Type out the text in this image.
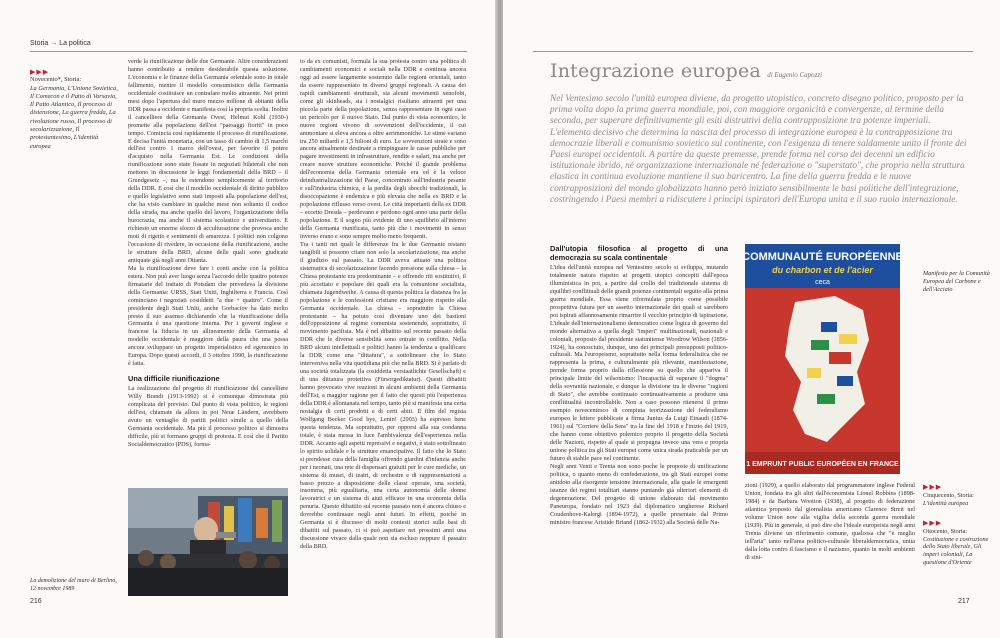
Storia → La politica
▶▶▶
Novecento*, Storia:
La Germania, L'Unione Sovietica, Il Comecon e il Patto di Varsavia, Il Patto Atlantico, Il processo di distensione, La guerra fredda, La rivoluzione russa, Il processo di secolarizzazione, Il protestantesimo, L'identità europea

verde la riunificazione delle due Germanie. Altre considerazioni hanno contribuito a rendere desiderabile questa soluzione. L'economia e le finanze della Germania orientale sono in totale fallimento, mentre il modello consumistico della Germania occidentale costituisce un contrafare molto attraente. Nei primi mesi dopo l'apertura del muro mezzo milione di abitanti della DDR passa a occidente e manifesta così la propria scelta. Inoltre il cancelliere della Germania Ovest, Helmut Kohl (1930-) promette alla popolazione dell'est "paesaggi fioriti" in poco tempo. Comincia così rapidamente il processo di riunificazione. E decisa l'unità monetaria, con un tasso di cambio di 1,5 marchi dell'est contro 1 marco dell'ovest, per favorire il potere d'acquisto nella Germania Est. Le condizioni della riunificazione sono state fissate in negoziati bilaterali che non mettono in discussione le leggi fondamentali della BRD – il Grundgesetz –, ma le estendono semplicemente al territorio della DDR. E così che il modello occidentale di diritto pubblico e quello legislativo sono stati imposti alla popolazione dell'est, che ha visto cambiare in qualche mese non soltanto il codice della strada, ma anche quello del lavoro, l'organizzazione della burocrazia, ma anche il sistema scolastico e universitario. E richiesto un enorme sforzo di acculturazione che provoca anche moti di rigetto e sentimenti di amarezza. I politici non colgono l'occasione di rivedere, in occasione della riunificazione, anche le strutture della BRD, alcune delle quali sono giudicate antiquate già negli anni Ottanta.

Ma la riunificazione deve fare i conti anche con la politica estera. Non può aver luogo senza l'accordo delle quattro potenze firmatarie del trattato di Potsdam che prevedeva la divisione della Germania: URSS, Stati Uniti, Inghilterra e Francia. Così cominciano i negoziati cosiddetti "a due + quattro". Come il presidente degli Stati Uniti, anche Gorbaciov ha dato molto presto il suo assenso dichiarando che la riunificazione della Germania è una questione interna. Per i governi inglese e francese la fiducia in un allineamento della Germania al modello occidentale è maggiore della paura che una possa ancora sviluppare un progetto imperialistico ed egemonico in Europa. Dopo questi accordi, il 3 ottobre 1990, la riunificazione è fatta.

Una difficile riunificazione

La realizzazione del progetto di riunificazione del cancelliere Willy Brandt (1913-1992) si è comunque dimostrata più complicata del previsto. Dal punto di vista politico, le regioni dell'est, chiamate da allora in poi Neue Ländern, avrebbero avuto un ventaglio di partiti politici simile a quello della Germania occidentale. Ma più il processo politico si dimostra difficile, più si formano gruppi di protesta. E così che il Partito Socialdemocratico (PDS), forma-

to da ex comunisti, formula la sua protesta contro una politica di cambiamenti economici e sociali nella DDR e continua ancora oggi ad essere largamente sostenuto dalle regioni orientali, tanto da essere rappresentato in diversi gruppi regionali. A causa dei rapidi cambiamenti strutturali, sia alcuni movimenti xenofobi, come gli skinheads, sia i nostalgici risultano attraenti per una piccola parte della popolazione, senza rappresentare in ogni caso un pericolo per il nuovo Stato. Dal punto di vista economico, le nuove regioni vivono di sovvenzioni dell'occidente, il cui ammontare si eleva ancora a oltre aerimmoniche. Le stime variano tra 250 miliardi e 1,5 bilioni di euro. Le sovvenzioni strate e sono ancora attualmente destinate a rimpinguare le casse pubbliche per pagare investimenti in infrastrutture, rendite e salari, ma anche per creare nuove strutture economiche. Poiché il grande problema dell'economia della Germania orientale era ed è la veloce deindustrializzazione del Paese, concentrato sull'industria pesante e sull'industria chimica, e la perdita degli sbocchi tradizionali, la disoccupazione è endemica e più elevata che nella ex BRD e la popolazione riflusso verso ovest. Le città importanti della ex DDR – eccetto Dresda – perdevano e perdono ogni anno una parte della popolazione. E il sogno più evidente di uno squilibrio all'interno della Germania riunificata, tanto più che i movimenti in senso inverso erano e sono sempre molto meno frequenti.

Tra i tanti nei quali le differenze fra le due Germanie restano tangibili si possono citare non solo la secolarizzazione, ma anche il giudizio sul passato. La DDR aveva attuato una politica sistematica di secolarizzazione facendo pressione sulla chiesa – la Chiesa protestante era predominante – e offrendo riti sostitutivi, il più accettato e popolare dei quali era la comunione socialista, chiamata Jugendweihe. A causa di questa politica la distanza fra la popolazione e le confessioni cristiane era maggiore rispetto alla Germania occidentale. La chiesa – soprattutto la Chiesa protestante – ha potuto così diventare uno dei bastioni dell'opposizione al regime comunista sostenendo, soprattutto, il movimento pacifista. Ma è nel dibattito sul recente passato della DDR che le diverse sensibilità sono entrate in conflitto. Nella BRD alcuni intellettuali e politici hanno la tendenza a qualificare la DDR come una "dittatura", a sottolineare che lo Stato interveniva nella vita quotidiana più che nella BRD. Si è parlato di una società totalizzata (la cosiddetta verstaatlichte Gesellschaft) e di una dittatura protettiva (Fürsorgediktatur). Questi dibattiti hanno provocato vive reazioni in alcuni ambienti della Germania dell'Est, a maggior ragione per il fatto che questi più l'esperienza della DDR è allontanata nel tempo, tanto più si manifesta una certa nostalgia di certi prodotti e di certi abiti. Il film del regista Wolfgang Becker Good bye, Lenin! (2003) ha espresso bene questa tendenza. Ma soprattutto, per opporsi alla sua condanna totale, è stata messa in luce l'ambivalenza dell'esperienza nella DDR. Accanto agli aspetti repressivi e negativi, è stato sottolineato lo spirito solidale e le strutture emancipative. Il fatto che lo Stato si prendesse cura della famiglia offrendo giardini d'infanzia anche per i neonati, una rete di dispensari gratuiti per le cure mediche, un sistema di musei, di teatri, di orchestre e di rappresentazioni a basso prezzo a disposizione delle classi operaie, una società, insomma, più egualitaria, una certa autonomia delle donne lavoratrici e un sistema di aiuti efficace in una economia della penuria. Questo dibattito sul recente passato non è ancora chiuso e dovrebbe continuare negli anni futuri. In effetti, poiché in Germania si è discusso di molti contesti storici sulle basi di dibattiti sul passato, ci si può aspettare nei prossimi anni una discussione vivace dalla quale non sia escluso neppure il passato della BRD.

La demolizione del muro di Berlino, 12 novembre 1989
216
Integrazione europea di Eugenio Capozzi
Nel Ventesimo secolo l'unità europea diviene, da progetto utopistico, concreto disegno politico, proposto per la prima volta dopo la prima guerra mondiale, poi, con maggiore organicità e convergenze, al termine della seconda, per superare definitivamente gli esiti distruttivi della contrapposizione tra potenze imperiali. L'elemento decisivo che determina la nascita del processo di integrazione europea è la contrapposizione tra democrazie liberali e comunismo sovietico sul continente, con l'esigenza di tenere saldamente unito il fronte dei Paesi europei occidentali. A partire da queste premesse, prende forma nel corso dei decenni un edificio istituzionale ibrido, né organizzazione internazionale né federazione o "superstato", che proprio nella struttura elastica in continua evoluzione mantiene il suo baricentro. La fine della guerra fredda e le nuove contrapposizioni del mondo globalizzato hanno però iniziato sensibilmente le basi politiche dell'integrazione, costringendo i Paesi membri a ridiscutere i principi ispiratori dell'Europa unita e il suo ruolo internazionale.
Dall'utopia filosofica al progetto di una democrazia su scala continentale

L'idea dell'unità europea nel Ventesimo secolo si sviluppa, mutando totalmente natura rispetto ai progetti utopici concepiti dall'epoca illuministica in poi, a partire dal crollo del tradizionale sistema di equilibri conflittuali delle grandi potenze continentali seguito alla prima guerra mondiale. Essa viene riformulata proprio come possibile prospettiva futura per un assetto internazionale dei quali si sarebbero poi ispirati affannosamente rimarrire il vecchio principio di ispirazione. L'ideale dell'internazionalismo democratico come logica di governo del mondo alternativa a quella degli "imperi" multinazionali, nazionali e coloniali, proposto dal presidente statunitense Woodrow Wilson (1856-1924), ha conosciuto, dunque, uno dei principali presupposti politico-culturali. Ma l'europeismo, soprattutto nella forma federalistica che ne rappresenta la prima, e culturalmente più rilevante, manifestazione, prende forma proprio dalla riflessione su quello che appariva il principale limite del wilsonismo: l'incapacità di superare il "dogma" della sovranità nazionale, e dunque la divisione tra le diverse "ragioni di Stato", che avrebbe continuato continuativamente a produrre una conflittualità incontrollabile. Non a caso possono ritenersi il primo esempio novecentesco di compiuta teorizzazione del federalismo europeo le lettere pubblicate a firma Junius da Luigi Einaudi (1874-1961) sul "Corriere della Sera" tra la fine del 1918 e l'inizio del 1919, che hanno come obiettivo polemico proprio il progetto della Società delle Nazioni, rispetto al quale si propugna invece una vera e propria unione politica tra gli Stati europei come unica strada praticabile per un futuro di stabile pace nel continente.

Negli anni Venti e Trenta non sono poche le proposte di unificazione politica, o quanto meno di confederazione, tra gli Stati europei come antidoto alla risorgente tensione internazionale, alla quale le emergenti istanze dei regimi totalitari stanno puntando già ulteriori elementi di degenerazione. Del progetto di unione elaborato dal movimento Paneuropa, fondato nel 1923 dal diplomatico ungherese Richard Coudenhove-Kalergi (1894-1972), a quelle presentate dal Primo ministro francese Aristide Briand (1862-1932) alla Società delle Na-

COMMUNAUTÉ EUROPÉENNE
du charbon et de l'acier
ceca
1 EMPRUNT PUBLIC EUROPÉEN EN FRANCE

zioni (1929), a quello elaborato dal programmatore inglese Federal Union, fondata tra gli altri dall'economista Lionel Robbins (1898-1984) e da Barbara Wootton (1938), al progetto di federazione atlantica proposto dal giornalista americano Clarence Streit nel volume Union now alla vigilia della seconda guerra mondiale (1939). Più in generale, si può dire che l'ideale europeista negli anni Trenta diviene un riferimento comune, qualcosa che "è meglio tell'aria" tanto nell'area politico-culturale liberaldemocratica, unita dalla lotta contro il fascismo e il nazismo, quanto in molti ambienti di sini-

Manifesto per la Comunità Europea del Carbone e dell'Acciaio
▶▶▶
Cinquecento, Storia:
L'identità europea
▶▶▶
Ottocento, Storia:
Costituzione e costruzione dello Stato liberale, Gli imperi coloniali, La questione d'Oriente
217
